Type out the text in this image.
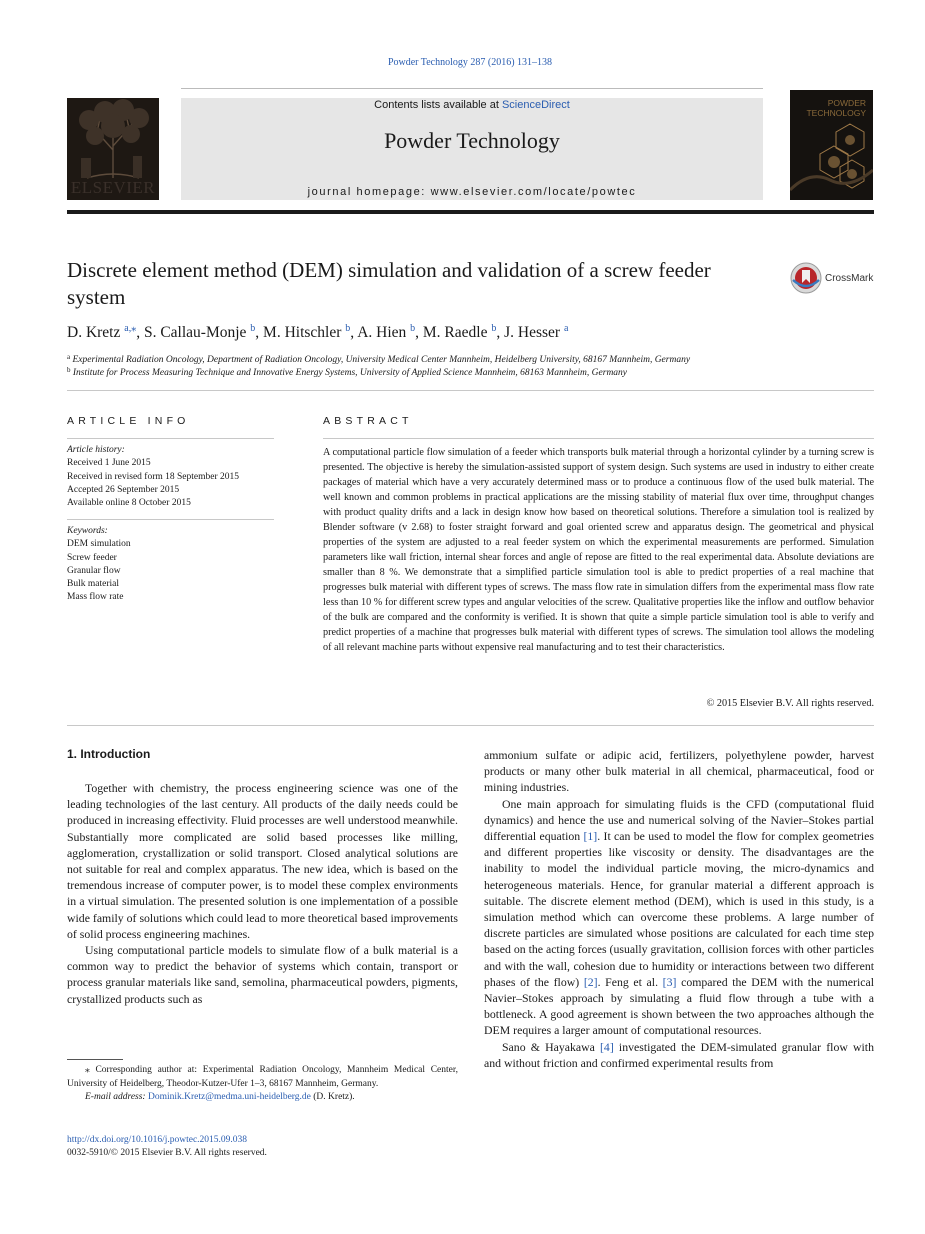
Powder Technology 287 (2016) 131–138
ELSEVIER
Contents lists available at ScienceDirect
Powder Technology
journal homepage: www.elsevier.com/locate/powtec
POWDER
TECHNOLOGY
Discrete element method (DEM) simulation and validation of a screw feeder system
CrossMark
D. Kretz $^{a,⁎}$, S. Callau-Monje $^b$, M. Hitschler $^b$, A. Hien $^b$, M. Raedle $^b$, J. Hesser $^a$
$^a$ Experimental Radiation Oncology, Department of Radiation Oncology, University Medical Center Mannheim, Heidelberg University, 68167 Mannheim, Germany
$^b$ Institute for Process Measuring Technique and Innovative Energy Systems, University of Applied Science Mannheim, 68163 Mannheim, Germany
ARTICLE INFO
Article history:
Received 1 June 2015
Received in revised form 18 September 2015
Accepted 26 September 2015
Available online 8 October 2015
Keywords:
DEM simulation
Screw feeder
Granular flow
Bulk material
Mass flow rate
ABSTRACT
A computational particle flow simulation of a feeder which transports bulk material through a horizontal cylinder by a turning screw is presented. The objective is hereby the simulation-assisted support of system design. Such systems are used in industry to either create packages of material which have a very accurately determined mass or to produce a continuous flow of the used bulk material. The well known and common problems in practical applications are the missing stability of material flux over time, throughput changes with product quality drifts and a lack in design know how based on theoretical solutions. Therefore a simulation tool is realized by Blender software (v 2.68) to foster straight forward and goal oriented screw and apparatus design. The geometrical and physical properties of the system are adjusted to a real feeder system on which the experimental measurements are performed. Simulation parameters like wall friction, internal shear forces and angle of repose are fitted to the real experimental data. Absolute deviations are smaller than 8 %. We demonstrate that a simplified particle simulation tool is able to predict properties of a real machine that progresses bulk material with different types of screws. The mass flow rate in simulation differs from the experimental mass flow rate less than 10 % for different screw types and angular velocities of the screw. Qualitative properties like the inflow and outflow behavior of the bulk are compared and the conformity is verified. It is shown that quite a simple particle simulation tool is able to verify and predict properties of a machine that progresses bulk material with different types of screws. The simulation tool allows the modeling of all relevant machine parts without expensive real manufacturing and to test their characteristics.
© 2015 Elsevier B.V. All rights reserved.
1. Introduction

Together with chemistry, the process engineering science was one of the leading technologies of the last century. All products of the daily needs could be produced in increasing effectivity. Fluid processes are well understood meanwhile. Substantially more complicated are solid based processes like milling, agglomeration, crystallization or solid transport. Closed analytical solutions are not suitable for real and complex apparatus. The new idea, which is based on the tremendous increase of computer power, is to model these complex environments in a virtual simulation. The presented solution is one implementation of a possible wide family of solutions which could lead to more theoretical based improvements of solid process engineering machines.

Using computational particle models to simulate flow of a bulk material is a common way to predict the behavior of systems which contain, transport or process granular materials like sand, semolina, pharmaceutical powders, pigments, crystallized products such as

⁎ Corresponding author at: Experimental Radiation Oncology, Mannheim Medical Center, University of Heidelberg, Theodor-Kutzer-Ufer 1–3, 68167 Mannheim, Germany.
E-mail address: Dominik.Kretz@medma.uni-heidelberg.de (D. Kretz).
http://dx.doi.org/10.1016/j.powtec.2015.09.038
0032-5910/© 2015 Elsevier B.V. All rights reserved.

ammonium sulfate or adipic acid, fertilizers, polyethylene powder, harvest products or many other bulk material in all chemical, pharmaceutical, food or mining industries.

One main approach for simulating fluids is the CFD (computational fluid dynamics) and hence the use and numerical solving of the Navier–Stokes partial differential equation [1]. It can be used to model the flow for complex geometries and different properties like viscosity or density. The disadvantages are the inability to model the individual particle moving, the micro-dynamics and heterogeneous materials. Hence, for granular material a different approach is suitable. The discrete element method (DEM), which is used in this study, is a simulation method which can overcome these problems. A large number of discrete particles are simulated whose positions are calculated for each time step based on the acting forces (usually gravitation, collision forces with other particles and with the wall, cohesion due to humidity or interactions between two different phases of the flow) [2]. Feng et al. [3] compared the DEM with the numerical Navier–Stokes approach by simulating a fluid flow through a tube with a bottleneck. A good agreement is shown between the two approaches although the DEM requires a larger amount of computational resources.

Sano & Hayakawa [4] investigated the DEM-simulated granular flow with and without friction and confirmed experimental results from
